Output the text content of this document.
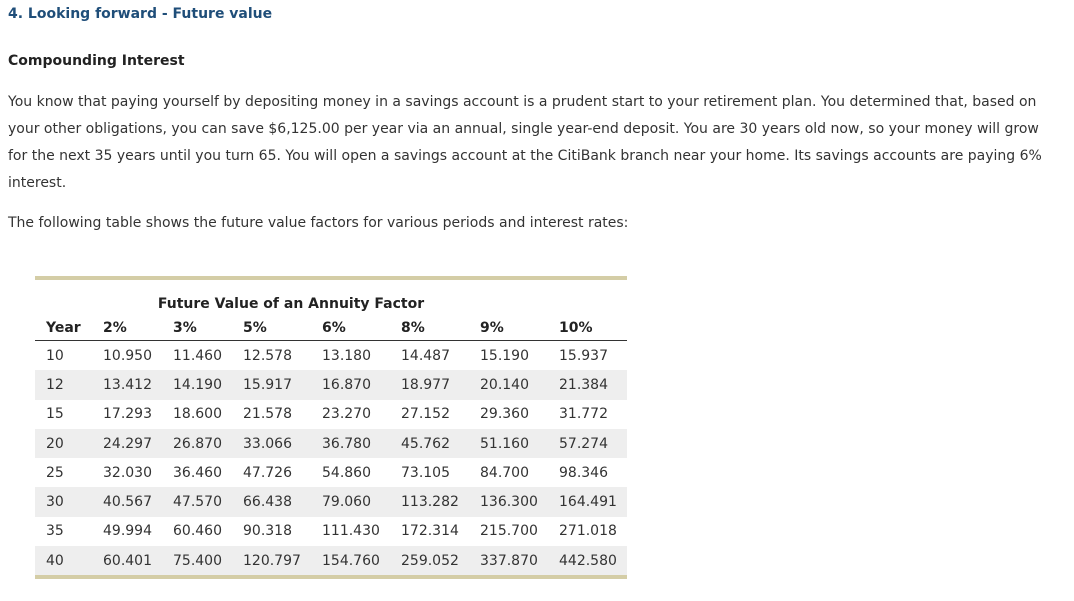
4. Looking forward - Future value
Compounding Interest

You know that paying yourself by depositing money in a savings account is a prudent start to your retirement plan. You determined that, based on your other obligations, you can save $6,125.00 per year via an annual, single year-end deposit. You are 30 years old now, so your money will grow for the next 35 years until you turn 65. You will open a savings account at the CitiBank branch near your home. Its savings accounts are paying 6% interest.

The following table shows the future value factors for various periods and interest rates:

Future Value of an Annuity Factor
Year	2%	3%	5%	6%	8%	9%	10%
10	10.950	11.460	12.578	13.180	14.487	15.190	15.937
12	13.412	14.190	15.917	16.870	18.977	20.140	21.384
15	17.293	18.600	21.578	23.270	27.152	29.360	31.772
20	24.297	26.870	33.066	36.780	45.762	51.160	57.274
25	32.030	36.460	47.726	54.860	73.105	84.700	98.346
30	40.567	47.570	66.438	79.060	113.282	136.300	164.491
35	49.994	60.460	90.318	111.430	172.314	215.700	271.018
40	60.401	75.400	120.797	154.760	259.052	337.870	442.580
